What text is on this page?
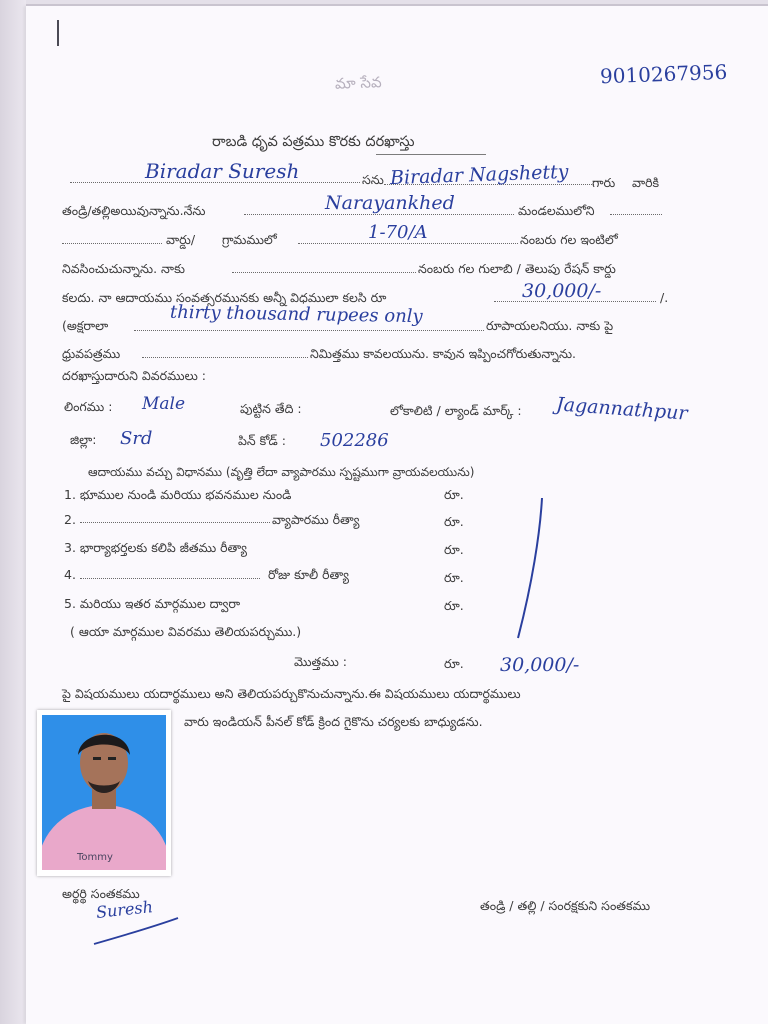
మా సేవ	9010267956
రాబడి ధృవ పత్రము కొరకు దరఖాస్తు
Biradar Suresh	సను Biradar Nagshetty గారు వారికి
తండ్రి/తల్లిఅయివున్నాను.నేను	Narayankhed	మండలములోని
వార్డు/ గ్రామములో	1-70/A	నంబరు గల ఇంటిలో
నివసించుచున్నాను. నాకు	నంబరు గల గులాబి / తెలుపు రేషన్ కార్డు
కలదు. నా ఆదాయము సంవత్సరమునకు అన్నీ విధములా కలసి రూ	30,000/-	/.
(అక్షరాలా	thirty thousand rupees only	రూపాయలనియు. నాకు పై
ధ్రువపత్రము	నిమిత్తము కావలయును. కావున ఇప్పించగోరుతున్నాను.
దరఖాస్తుదారుని వివరములు :
లింగము : Male	పుట్టిన తేది :	లోకాలిటి / ల్యాండ్ మార్క్ : Jagannathpur
జిల్లా: Srd	పిన్ కోడ్ : 502286
ఆదాయము వచ్చు విధానము (వృత్తి లేదా వ్యాపారము స్పష్టముగా వ్రాయవలయును)
1. భూముల నుండి మరియు భవనముల నుండి	రూ.
2.	వ్యాపారము రీత్యా	రూ.
3. భార్యాభర్తలకు కలిపి జీతము రీత్యా	రూ.
4.	రోజు కూలీ రీత్యా	రూ.
5. మరియు ఇతర మార్గముల ద్వారా	రూ.
( ఆయా మార్గముల వివరము తెలియపర్చుము.)
మొత్తము :	రూ. 30,000/-
పై విషయములు యదార్థములు అని తెలియపర్చుకొనుచున్నాను.ఈ విషయములు యదార్థములు
వారు ఇండియన్ పీనల్ కోడ్ క్రింద గైకొను చర్యలకు బాధ్యుడను.
Tommy
అర్థర్థి సంతకము
Suresh	తండ్రి / తల్లి / సంరక్షకుని సంతకము
